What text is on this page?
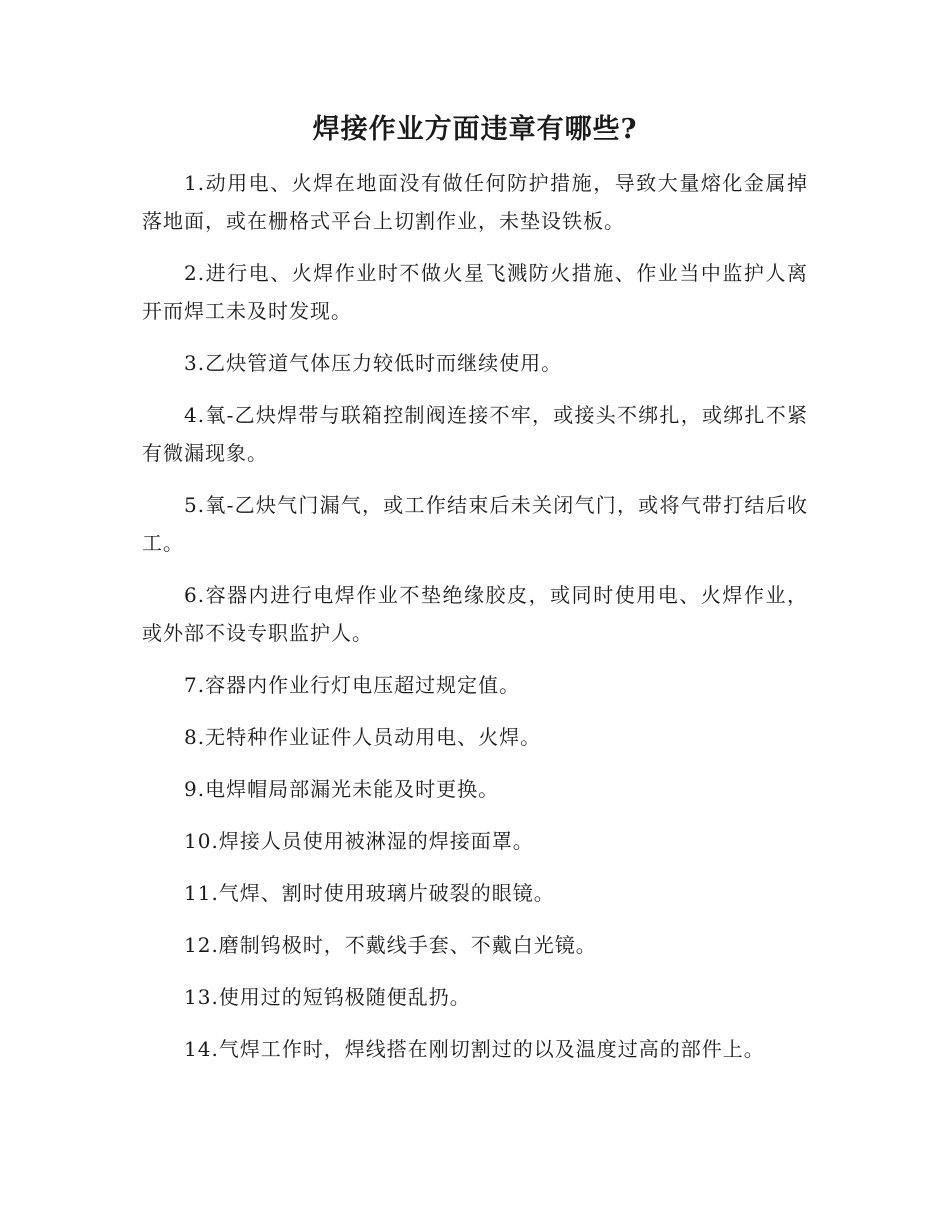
焊接作业方面违章有哪些?
1.动用电、火焊在地面没有做任何防护措施，导致大量熔化金属掉落地面，或在栅格式平台上切割作业，未垫设铁板。
2.进行电、火焊作业时不做火星飞溅防火措施、作业当中监护人离开而焊工未及时发现。
3.乙炔管道气体压力较低时而继续使用。
4.氧-乙炔焊带与联箱控制阀连接不牢，或接头不绑扎，或绑扎不紧有微漏现象。
5.氧-乙炔气门漏气，或工作结束后未关闭气门，或将气带打结后收工。
6.容器内进行电焊作业不垫绝缘胶皮，或同时使用电、火焊作业，或外部不设专职监护人。
7.容器内作业行灯电压超过规定值。
8.无特种作业证件人员动用电、火焊。
9.电焊帽局部漏光未能及时更换。
10.焊接人员使用被淋湿的焊接面罩。
11.气焊、割时使用玻璃片破裂的眼镜。
12.磨制钨极时，不戴线手套、不戴白光镜。
13.使用过的短钨极随便乱扔。
14.气焊工作时，焊线搭在刚切割过的以及温度过高的部件上。
